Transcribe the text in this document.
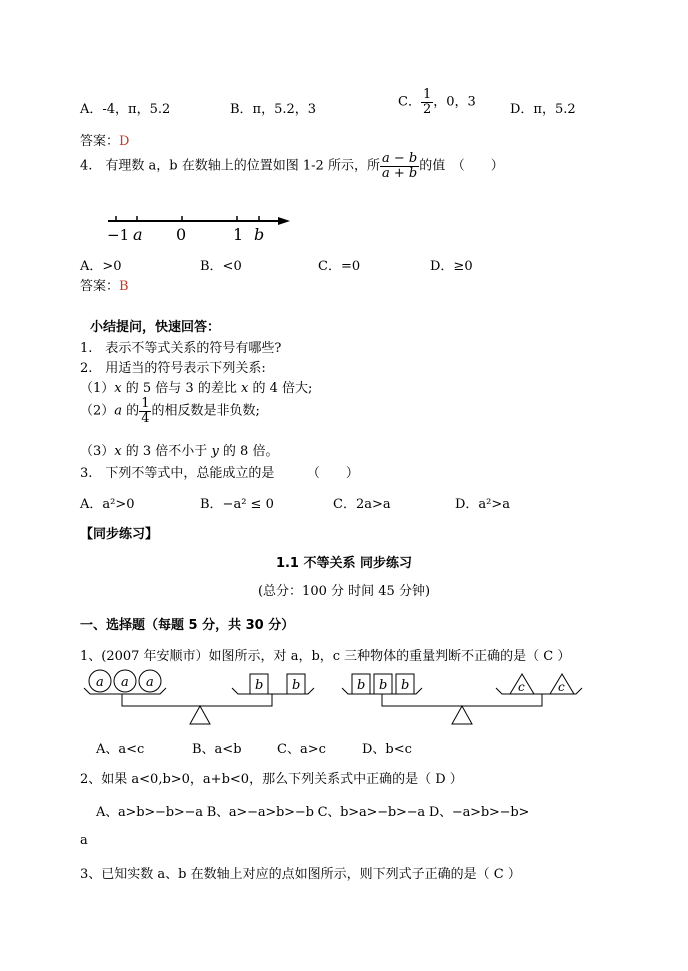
A．-4，π，5.2	B．π，5.2，3	C． $\frac{1}{2}$ ，0，3	D．π，5.2
答案：D
4.　有理数 a，b 在数轴上的位置如图 1-2 所示，所 $\frac{a - b}{a + b}$ 的值　（　　）
−1 a 0	1 b
A．>0	B．<0	C．=0	D．≥0
答案：B
小结提问，快速回答：
1.　表示不等式关系的符号有哪些?
2.　用适当的符号表示下列关系:
（1）x 的 5 倍与 3 的差比 x 的 4 倍大;
（2）a 的 $\frac{1}{4}$ 的相反数是非负数;
（3）x 的 3 倍不小于 y 的 8 倍。
3.　下列不等式中，总能成立的是　　　（　　）
A．a²>0	B．−a² ≤ 0	C．2a>a	D．a²>a
【同步练习】
1.1 不等关系 同步练习
(总分：100 分 时间 45 分钟)
一、选择题（每题 5 分，共 30 分）
1、(2007 年安顺市）如图所示，对 a，b，c 三种物体的重量判断不正确的是（ C ）
a a a	b b	b b b	c	c
A、a<c	B、a<b	C、a>c	D、b<c
2、如果 a<0,b>0，a+b<0，那么下列关系式中正确的是（ D ）
A、a>b>−b>−a B、a>−a>b>−b C、b>a>−b>−a D、−a>b>−b>
a
3、已知实数 a、b 在数轴上对应的点如图所示，则下列式子正确的是（ C ）
